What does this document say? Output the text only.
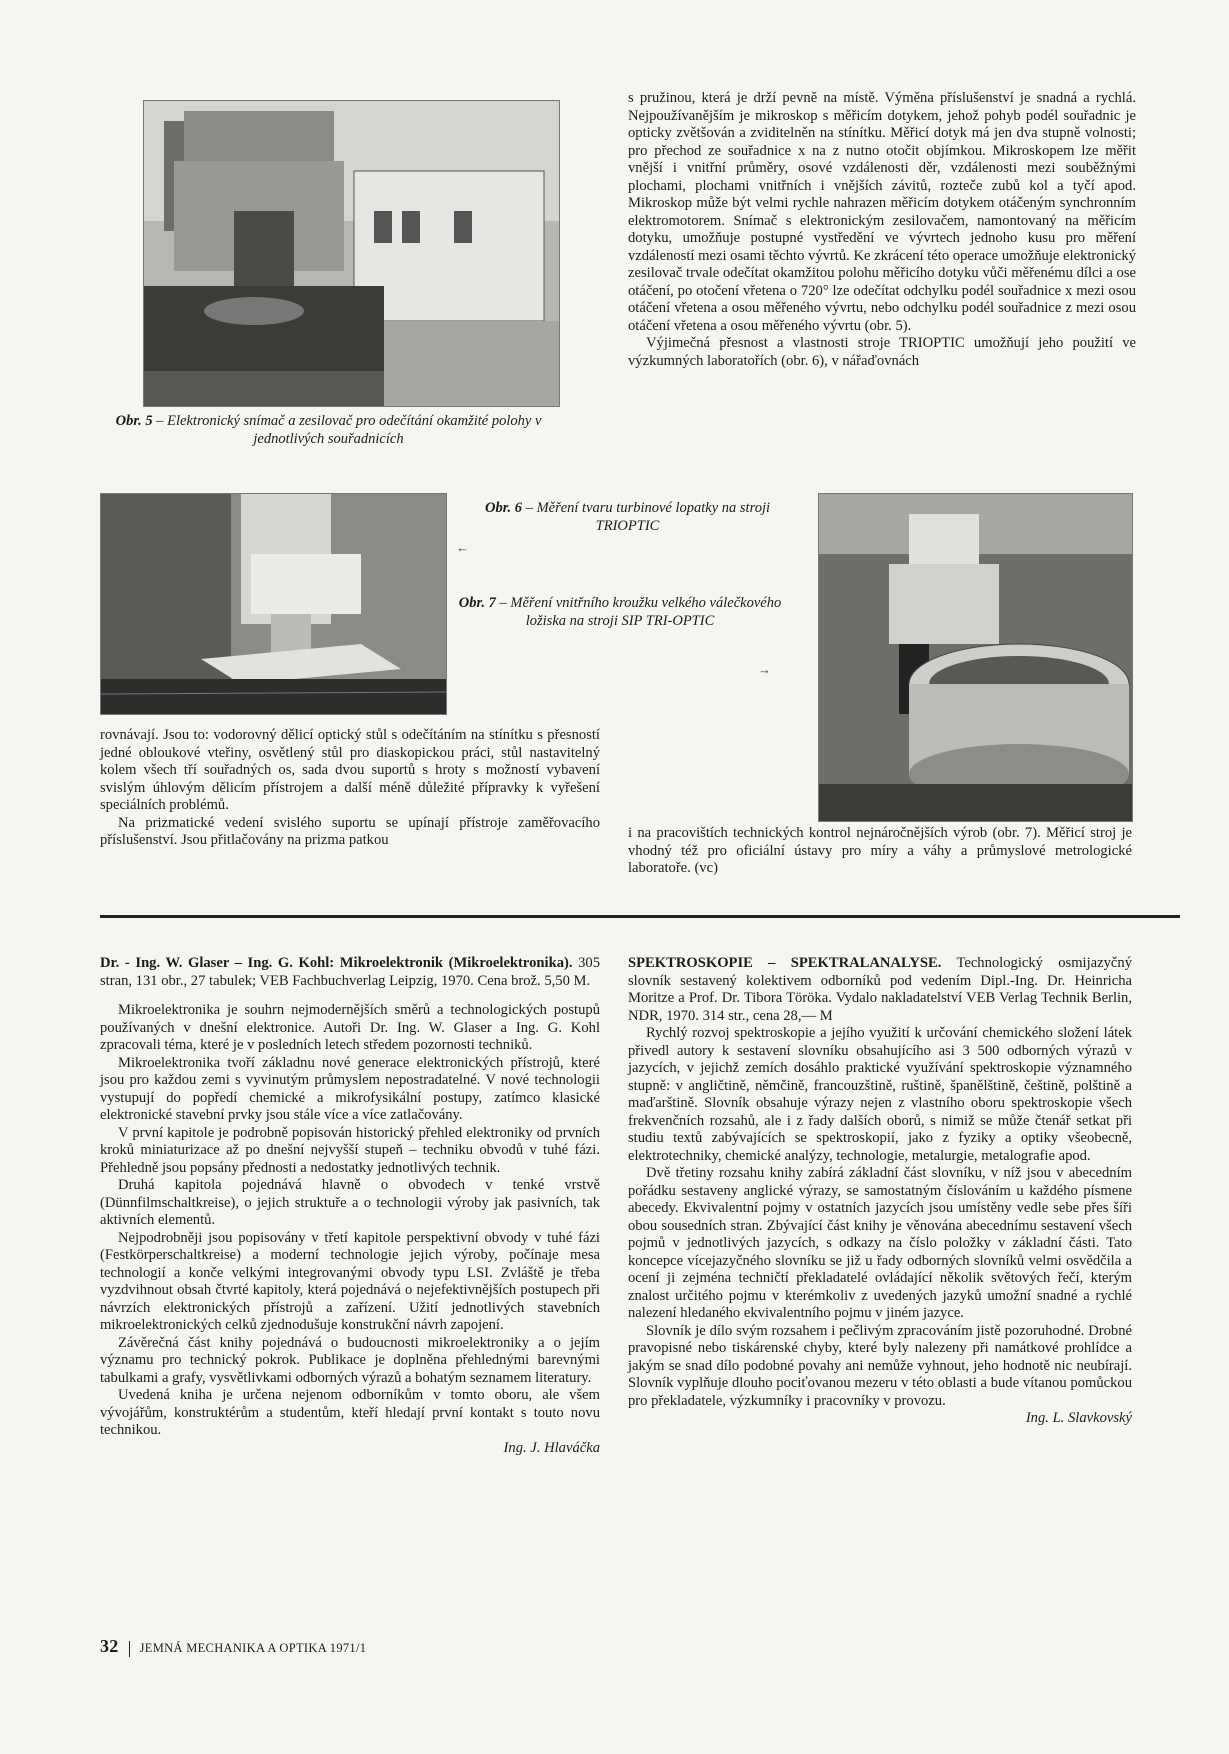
Obr. 5 – Elektronický snímač a zesilovač pro odečítání okamžité polohy v jednotlivých souřadnicích

s pružinou, která je drží pevně na místě. Výměna příslušenství je snadná a rychlá. Nejpoužívanějším je mikroskop s měřicím dotykem, jehož pohyb podél souřadnic je opticky zvětšován a zviditelněn na stínítku. Měřicí dotyk má jen dva stupně volnosti; pro přechod ze souřadnice x na z nutno otočit objímkou. Mikroskopem lze měřit vnější i vnitřní průměry, osové vzdálenosti děr, vzdálenosti mezi souběžnými plochami, plochami vnitřních i vnějších závitů, rozteče zubů kol a tyčí apod. Mikroskop může být velmi rychle nahrazen měřicím dotykem otáčeným synchronním elektromotorem. Snímač s elektronickým zesilovačem, namontovaný na měřicím dotyku, umožňuje postupné vystředění ve vývrtech jednoho kusu pro měření vzdáleností mezi osami těchto vývrtů. Ke zkrácení této operace umožňuje elektronický zesilovač trvale odečítat okamžitou polohu měřicího dotyku vůči měřenému dílci a ose otáčení, po otočení vřetena o 720° lze odečítat odchylku podél souřadnice x mezi osou otáčení vřetena a osou měřeného vývrtu, nebo odchylku podél souřadnice z mezi osou otáčení vřetena a osou měřeného vývrtu (obr. 5).

Výjimečná přesnost a vlastnosti stroje TRIOPTIC umožňují jeho použití ve výzkumných laboratořích (obr. 6), v nářaďovnách

Obr. 6 – Měření tvaru turbinové lopatky na stroji TRIOPTIC

←

Obr. 7 – Měření vnitřního kroužku velkého válečkového ložiska na stroji SIP TRI-OPTIC

→

rovnávají. Jsou to: vodorovný dělicí optický stůl s odečítáním na stínítku s přesností jedné obloukové vteřiny, osvětlený stůl pro diaskopickou práci, stůl nastavitelný kolem všech tří souřadných os, sada dvou suportů s hroty s možností vybavení svislým úhlovým dělicím přístrojem a další méně důležité přípravky k vyřešení speciálních problémů.

Na prizmatické vedení svislého suportu se upínají přístroje zaměřovacího příslušenství. Jsou přitlačovány na prizma patkou	i na pracovištích technických kontrol nejnáročnějších výrob (obr. 7). Měřicí stroj je vhodný též pro oficiální ústavy pro míry a váhy a průmyslové metrologické laboratoře. (vc)

Dr. - Ing. W. Glaser – Ing. G. Kohl: Mikroelektronik (Mikroelektronika). 305 stran, 131 obr., 27 tabulek; VEB Fachbuchverlag Leipzig, 1970. Cena brož. 5,50 M.

Mikroelektronika je souhrn nejmodernějších směrů a technologických postupů používaných v dnešní elektronice. Autoři Dr. Ing. W. Glaser a Ing. G. Kohl zpracovali téma, které je v posledních letech středem pozornosti techniků.

Mikroelektronika tvoří základnu nové generace elektronických přístrojů, které jsou pro každou zemi s vyvinutým průmyslem nepostradatelné. V nové technologii vystupují do popředí chemické a mikrofysikální postupy, zatímco klasické elektronické stavební prvky jsou stále více a více zatlačovány.

V první kapitole je podrobně popisován historický přehled elektroniky od prvních kroků miniaturizace až po dnešní nejvyšší stupeň – techniku obvodů v tuhé fázi. Přehledně jsou popsány přednosti a nedostatky jednotlivých technik.

Druhá kapitola pojednává hlavně o obvodech v tenké vrstvě (Dünnfilmschaltkreise), o jejich struktuře a o technologii výroby jak pasivních, tak aktivních elementů.

Nejpodrobněji jsou popisovány v třetí kapitole perspektivní obvody v tuhé fázi (Festkörperschaltkreise) a moderní technologie jejich výroby, počínaje mesa technologií a konče velkými integrovanými obvody typu LSI. Zvláště je třeba vyzdvihnout obsah čtvrté kapitoly, která pojednává o nejefektivnějších postupech při návrzích elektronických přístrojů a zařízení. Užití jednotlivých stavebních mikroelektronických celků zjednodušuje konstrukční návrh zapojení.

Závěrečná část knihy pojednává o budoucnosti mikroelektroniky a o jejím významu pro technický pokrok. Publikace je doplněna přehlednými barevnými tabulkami a grafy, vysvětlivkami odborných výrazů a bohatým seznamem literatury.

Uvedená kniha je určena nejenom odborníkům v tomto oboru, ale všem vývojářům, konstruktérům a studentům, kteří hledají první kontakt s touto novu technikou.

Ing. J. Hlaváčka

SPEKTROSKOPIE – SPEKTRALANALYSE. Technologický osmijazyčný slovník sestavený kolektivem odborníků pod vedením Dipl.-Ing. Dr. Heinricha Moritze a Prof. Dr. Tibora Töröka. Vydalo nakladatelství VEB Verlag Technik Berlin, NDR, 1970. 314 str., cena 28,— M

Rychlý rozvoj spektroskopie a jejího využití k určování chemického složení látek přivedl autory k sestavení slovníku obsahujícího asi 3 500 odborných výrazů v jazycích, v jejichž zemích dosáhlo praktické využívání spektroskopie významného stupně: v angličtině, němčině, francouzštině, ruštině, španělštině, češtině, polštině a maďarštině. Slovník obsahuje výrazy nejen z vlastního oboru spektroskopie všech frekvenčních rozsahů, ale i z řady dalších oborů, s nimiž se může čtenář setkat při studiu textů zabývajících se spektroskopií, jako z fyziky a optiky všeobecně, elektrotechniky, chemické analýzy, technologie, metalurgie, metalografie apod.

Dvě třetiny rozsahu knihy zabírá základní část slovníku, v níž jsou v abecedním pořádku sestaveny anglické výrazy, se samostatným číslováním u každého písmene abecedy. Ekvivalentní pojmy v ostatních jazycích jsou umístěny vedle sebe přes šíři obou sousedních stran. Zbývající část knihy je věnována abecednímu sestavení všech pojmů v jednotlivých jazycích, s odkazy na číslo položky v základní části. Tato koncepce vícejazyčného slovníku se již u řady odborných slovníků velmi osvědčila a ocení ji zejména techničtí překladatelé ovládající několik světových řečí, kterým znalost určitého pojmu v kterémkoliv z uvedených jazyků umožní snadné a rychlé nalezení hledaného ekvivalentního pojmu v jiném jazyce.

Slovník je dílo svým rozsahem i pečlivým zpracováním jistě pozoruhodné. Drobné pravopisné nebo tiskárenské chyby, které byly nalezeny při namátkové prohlídce a jakým se snad dílo podobné povahy ani nemůže vyhnout, jeho hodnotě nic neubírají. Slovník vyplňuje dlouho pociťovanou mezeru v této oblasti a bude vítanou pomůckou pro překladatele, výzkumníky i pracovníky v provozu.

Ing. L. Slavkovský

32 JEMNÁ MECHANIKA A OPTIKA 1971/1
